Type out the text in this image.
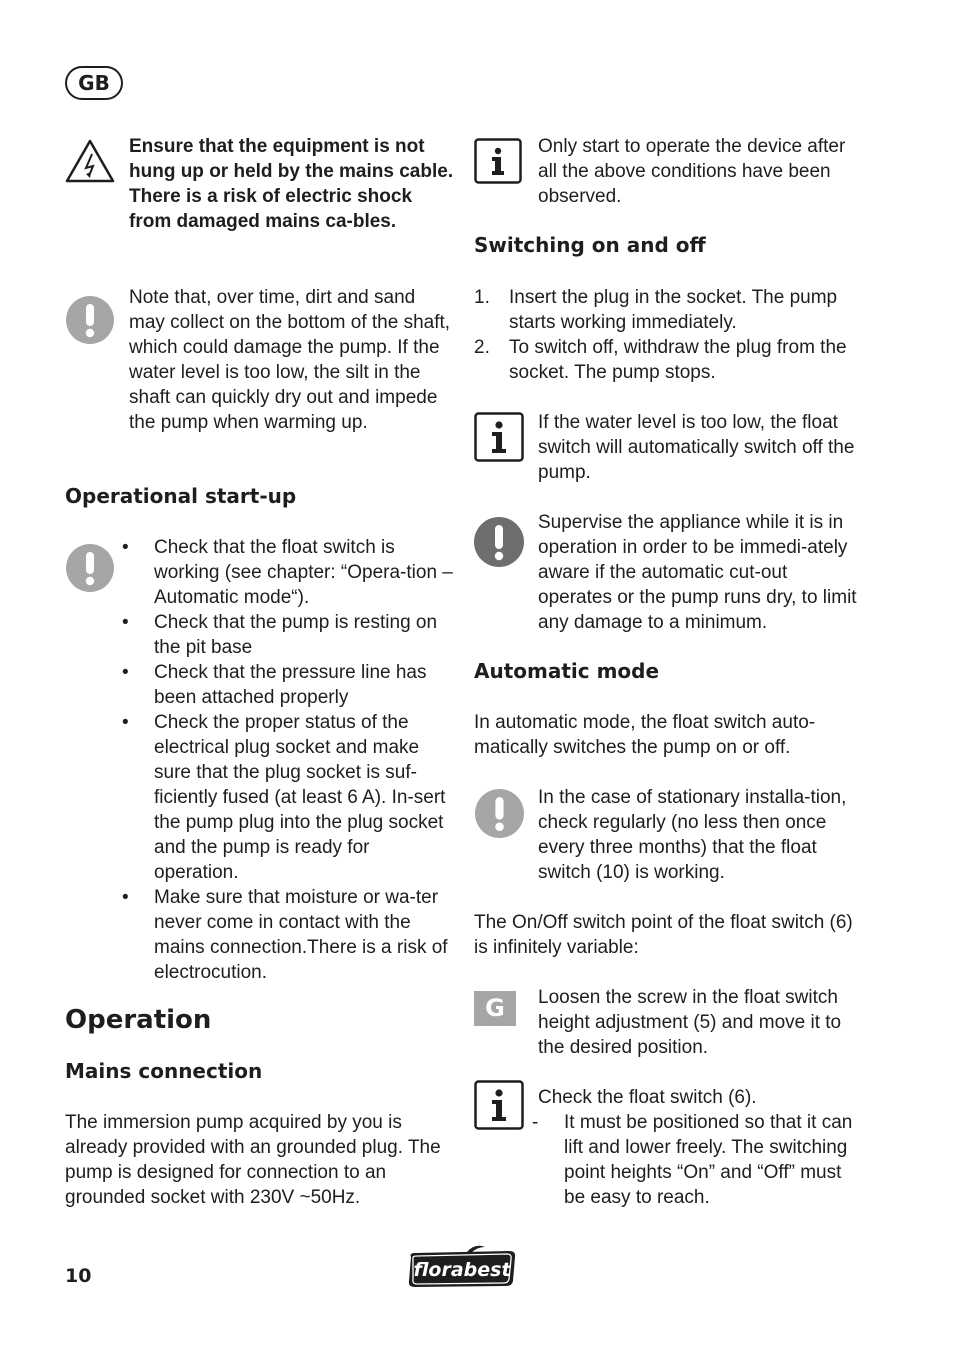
GB
Ensure that the equipment is not hung up or held by the mains cable. There is a risk of electric shock from damaged mains ca-bles.
Note that, over time, dirt and sand may collect on the bottom of the shaft, which could damage the pump. If the water level is too low, the silt in the shaft can quickly dry out and impede the pump when warming up.
Operational start-up
• Check that the float switch is working (see chapter: “Opera-tion – Automatic mode“).
• Check that the pump is resting on the pit base
• Check that the pressure line has been attached properly
• Check the proper status of the electrical plug socket and make sure that the plug socket is suf-ficiently fused (at least 6 A). In-sert the pump plug into the plug socket and the pump is ready for operation.
• Make sure that moisture or wa-ter never come in contact with the mains connection.There is a risk of electrocution.
Operation
Mains connection
The immersion pump acquired by you is already provided with an grounded plug. The pump is designed for connection to an grounded socket with 230V ~50Hz.
Only start to operate the device after all the above conditions have been observed.
Switching on and off
1. Insert the plug in the socket. The pump starts working immediately.
2. To switch off, withdraw the plug from the socket. The pump stops.
If the water level is too low, the float switch will automatically switch off the pump.
Supervise the appliance while it is in operation in order to be immedi-ately aware if the automatic cut-out operates or the pump runs dry, to limit any damage to a minimum.
Automatic mode
In automatic mode, the float switch auto-matically switches the pump on or off.
In the case of stationary installa-tion, check regularly (no less then once every three months) that the float switch (10) is working.
The On/Off switch point of the float switch (6) is infinitely variable:
G	Loosen the screw in the float switch height adjustment (5) and move it to the desired position.
Check the float switch (6).
- It must be positioned so that it can lift and lower freely. The switching point heights “On” and “Off” must be easy to reach.
10	florabest
